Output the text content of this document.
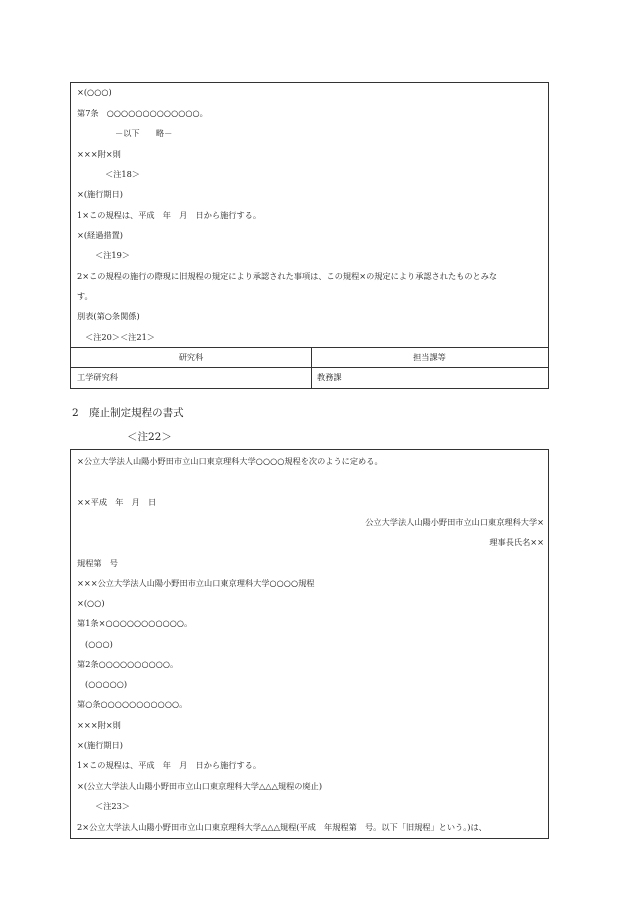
×(○○○)
第7条　○○○○○○○○○○○○○。
－以下　　略－
×××附×則
＜注18＞
×(施行期日)
1×この規程は、平成　年　月　日から施行する。
×(経過措置)
＜注19＞
2×この規程の施行の際現に旧規程の規定により承認された事項は、この規程×の規定により承認されたものとみな
す。
別表(第○条関係)
＜注20＞＜注21＞
研究科	担当課等
工学研究科	教務課
2　廃止制定規程の書式
＜注22＞
×公立大学法人山陽小野田市立山口東京理科大学○○○○規程を次のように定める。
××平成　年　月　日
公立大学法人山陽小野田市立山口東京理科大学×
理事長氏名××
規程第　号
×××公立大学法人山陽小野田市立山口東京理科大学○○○○規程
×(○○)
第1条×○○○○○○○○○○○。
(○○○)
第2条○○○○○○○○○○。
(○○○○○)
第○条○○○○○○○○○○○。
×××附×則
×(施行期日)
1×この規程は、平成　年　月　日から施行する。
×(公立大学法人山陽小野田市立山口東京理科大学△△△規程の廃止)
＜注23＞
2×公立大学法人山陽小野田市立山口東京理科大学△△△規程(平成　年規程第　号。以下「旧規程」という。)は、
